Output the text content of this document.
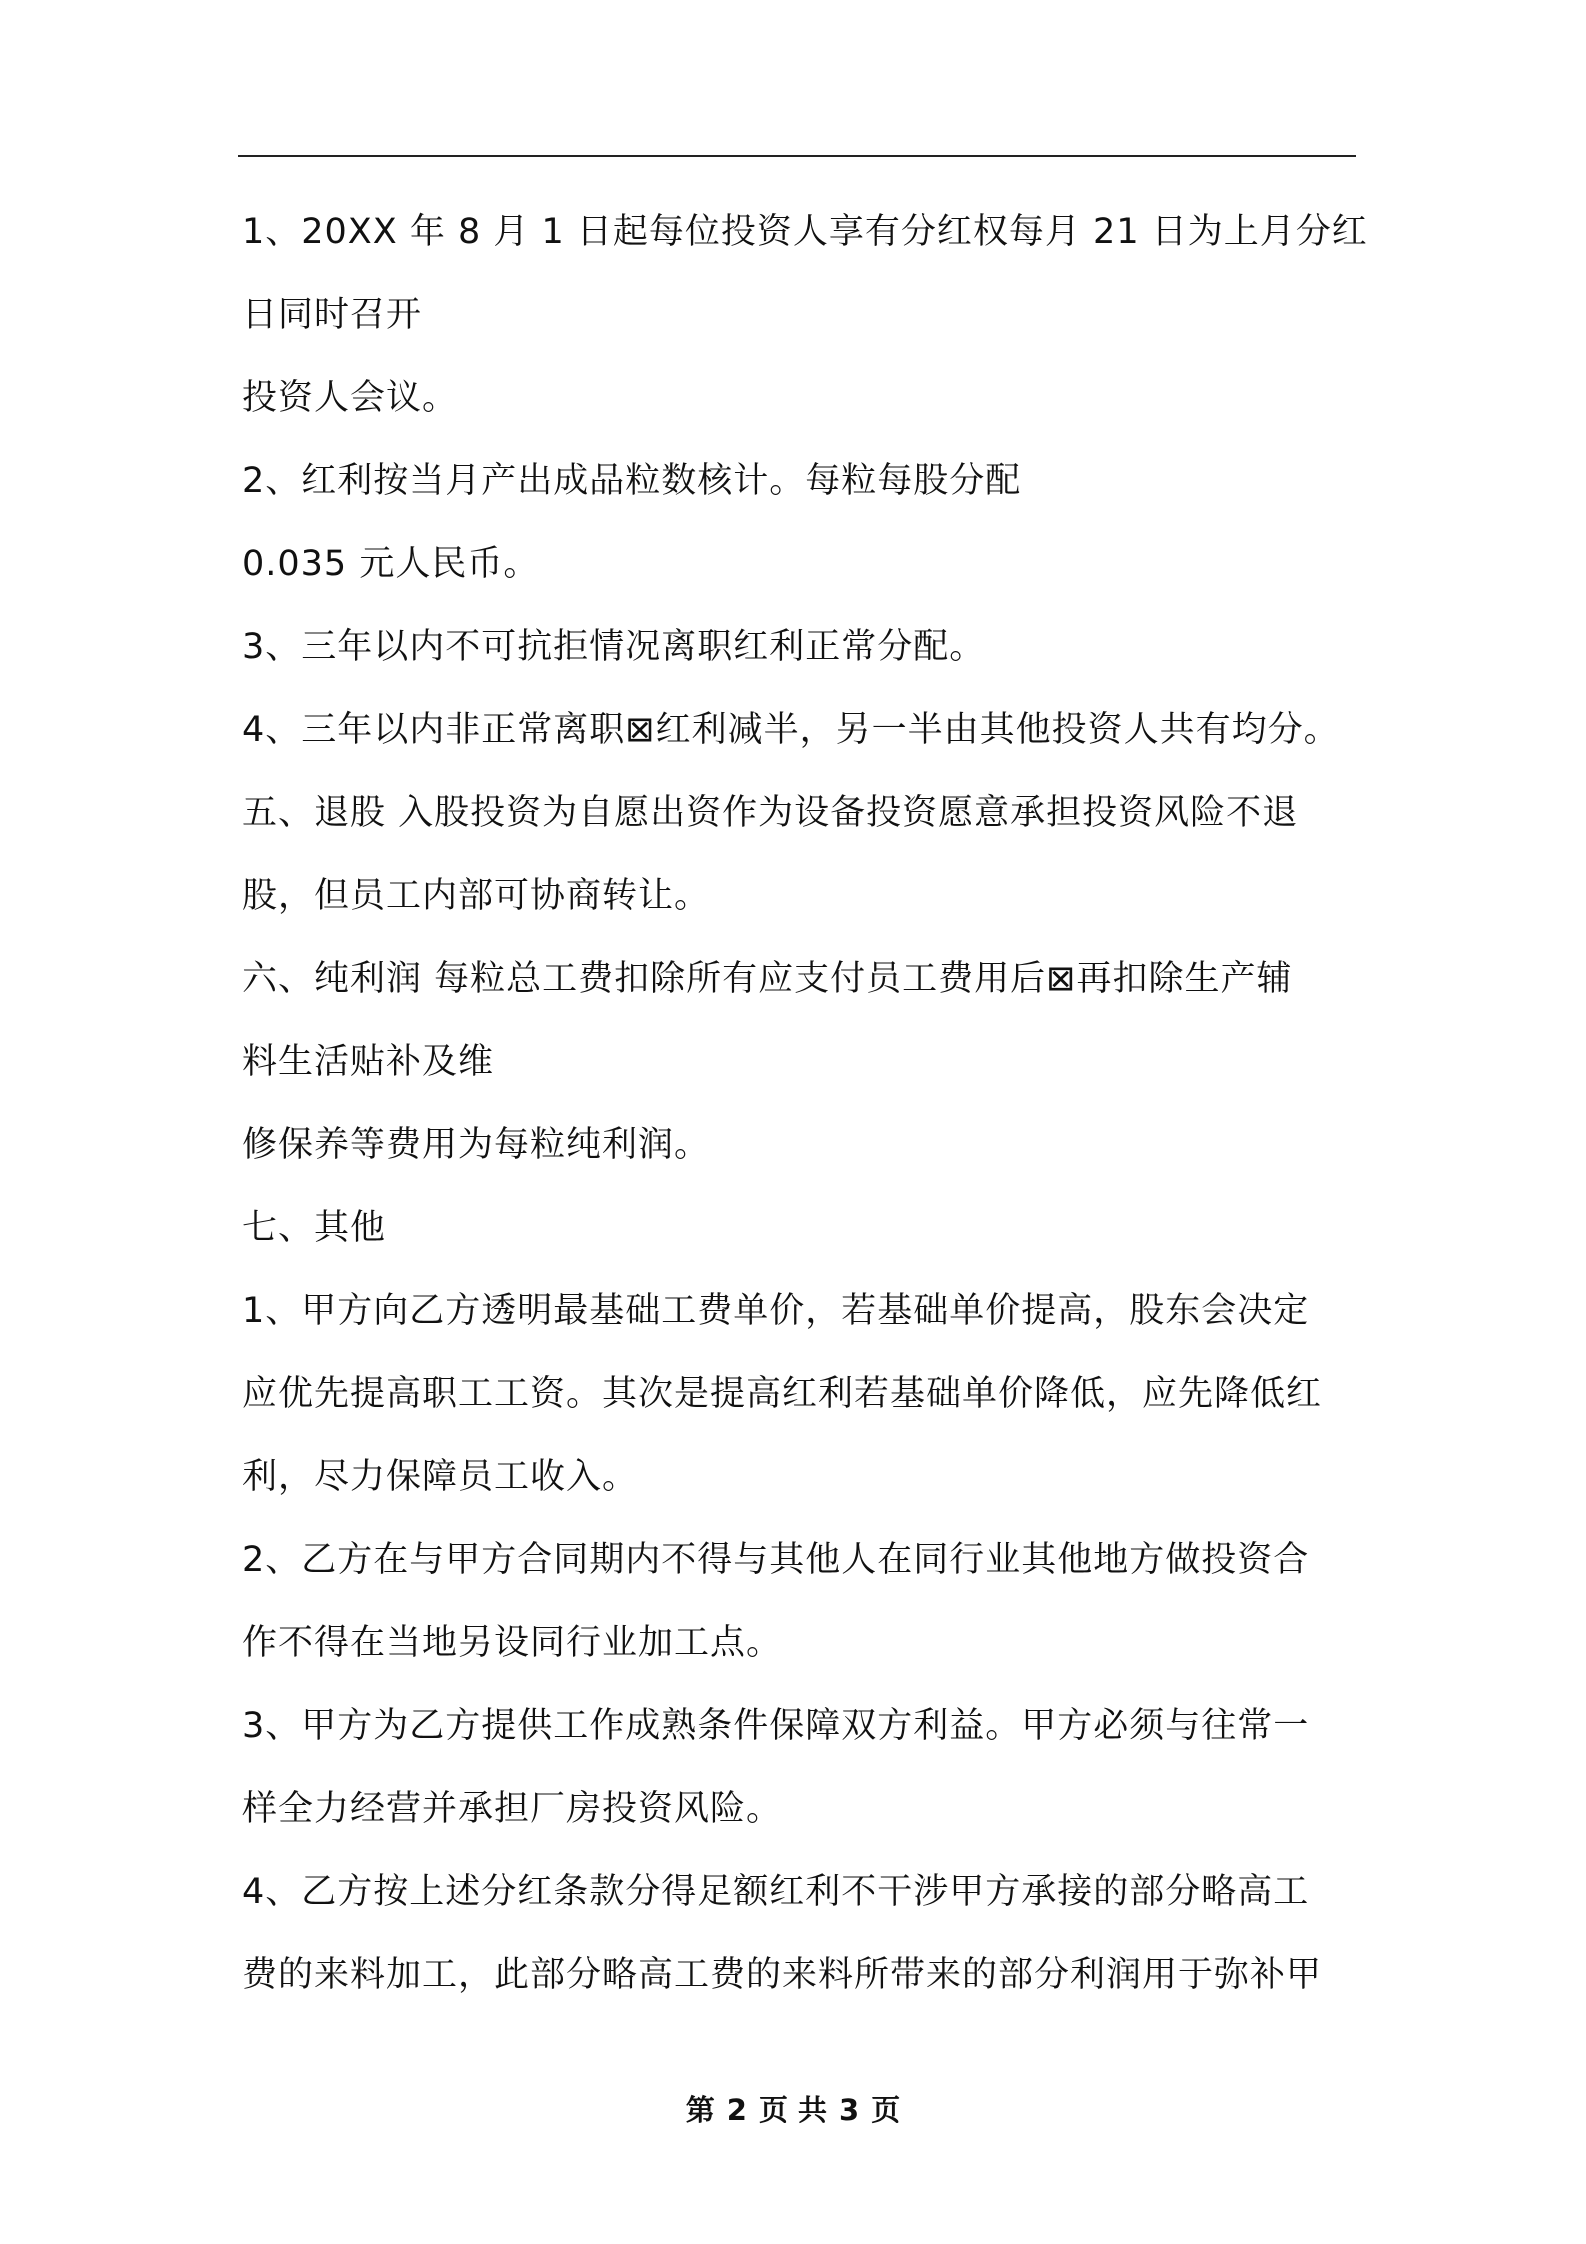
1、20XX 年 8 月 1 日起每位投资人享有分红权每月 21 日为上月分红
日同时召开
投资人会议。
2、红利按当月产出成品粒数核计。每粒每股分配
0.035 元人民币。
3、三年以内不可抗拒情况离职红利正常分配。
4、三年以内非正常离职⊠红利减半，另一半由其他投资人共有均分。
五、退股 入股投资为自愿出资作为设备投资愿意承担投资风险不退
股，但员工内部可协商转让。
六、纯利润 每粒总工费扣除所有应支付员工费用后⊠再扣除生产辅
料生活贴补及维
修保养等费用为每粒纯利润。
七、其他
1、甲方向乙方透明最基础工费单价，若基础单价提高，股东会决定
应优先提高职工工资。其次是提高红利若基础单价降低，应先降低红
利，尽力保障员工收入。
2、乙方在与甲方合同期内不得与其他人在同行业其他地方做投资合
作不得在当地另设同行业加工点。
3、甲方为乙方提供工作成熟条件保障双方利益。甲方必须与往常一
样全力经营并承担厂房投资风险。
4、乙方按上述分红条款分得足额红利不干涉甲方承接的部分略高工
费的来料加工，此部分略高工费的来料所带来的部分利润用于弥补甲
第 2 页 共 3 页
